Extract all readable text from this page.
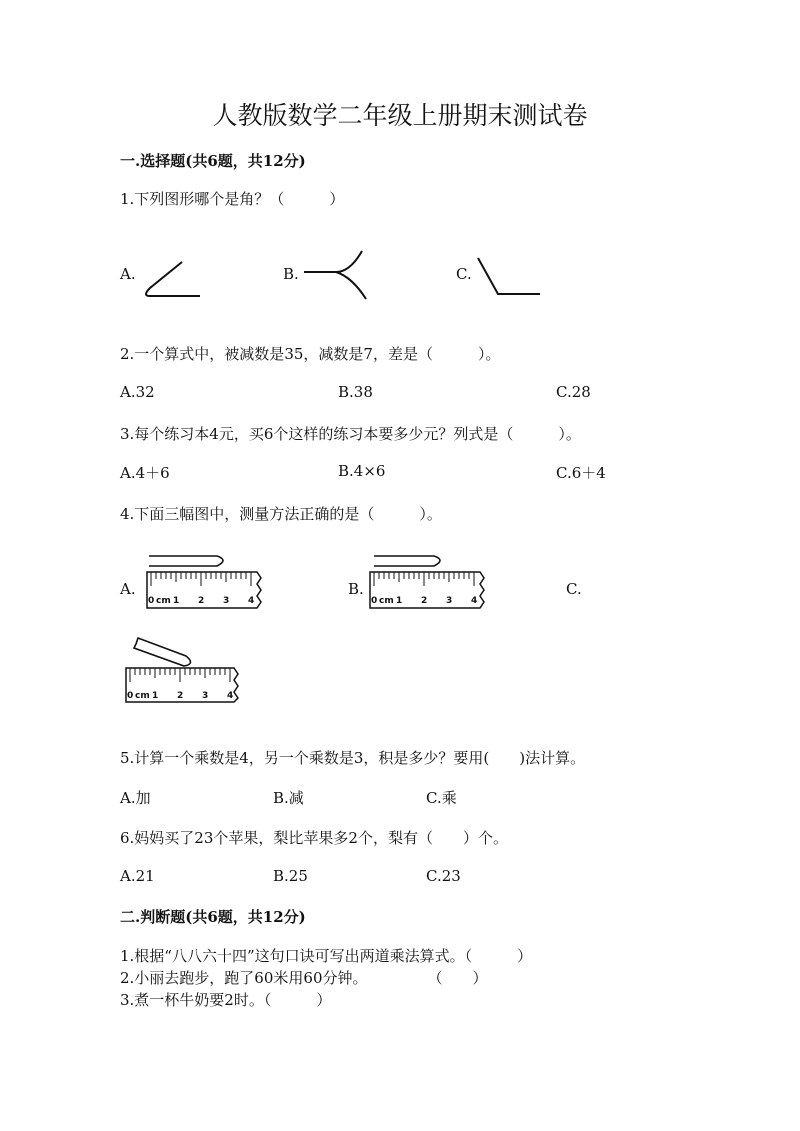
人教版数学二年级上册期末测试卷
一.选择题(共6题，共12分)
1.下列图形哪个是角？（　　　）
A.	B.	C.
2.一个算式中，被减数是35，减数是7，差是（　　　）。
A.32	B.38	C.28
3.每个练习本4元，买6个这样的练习本要多少元？列式是（　　　）。
A.4＋6	B.4×6	C.6＋4
4.下面三幅图中，测量方法正确的是（　　　）。
A.	B.	C.
0 cm 1 2 3 4	0 cm 1 2 3 4
0 cm 1 2 3 4
5.计算一个乘数是4，另一个乘数是3，积是多少？要用(　　)法计算。
A.加	B.减	C.乘
6.妈妈买了23个苹果，梨比苹果多2个，梨有（　　）个。
A.21	B.25	C.23
二.判断题(共6题，共12分)
1.根据“八八六十四”这句口诀可写出两道乘法算式。（　　　）
2.小丽去跑步，跑了60米用60分钟。　　　　　（　　）
3.煮一杯牛奶要2时。（　　　）
